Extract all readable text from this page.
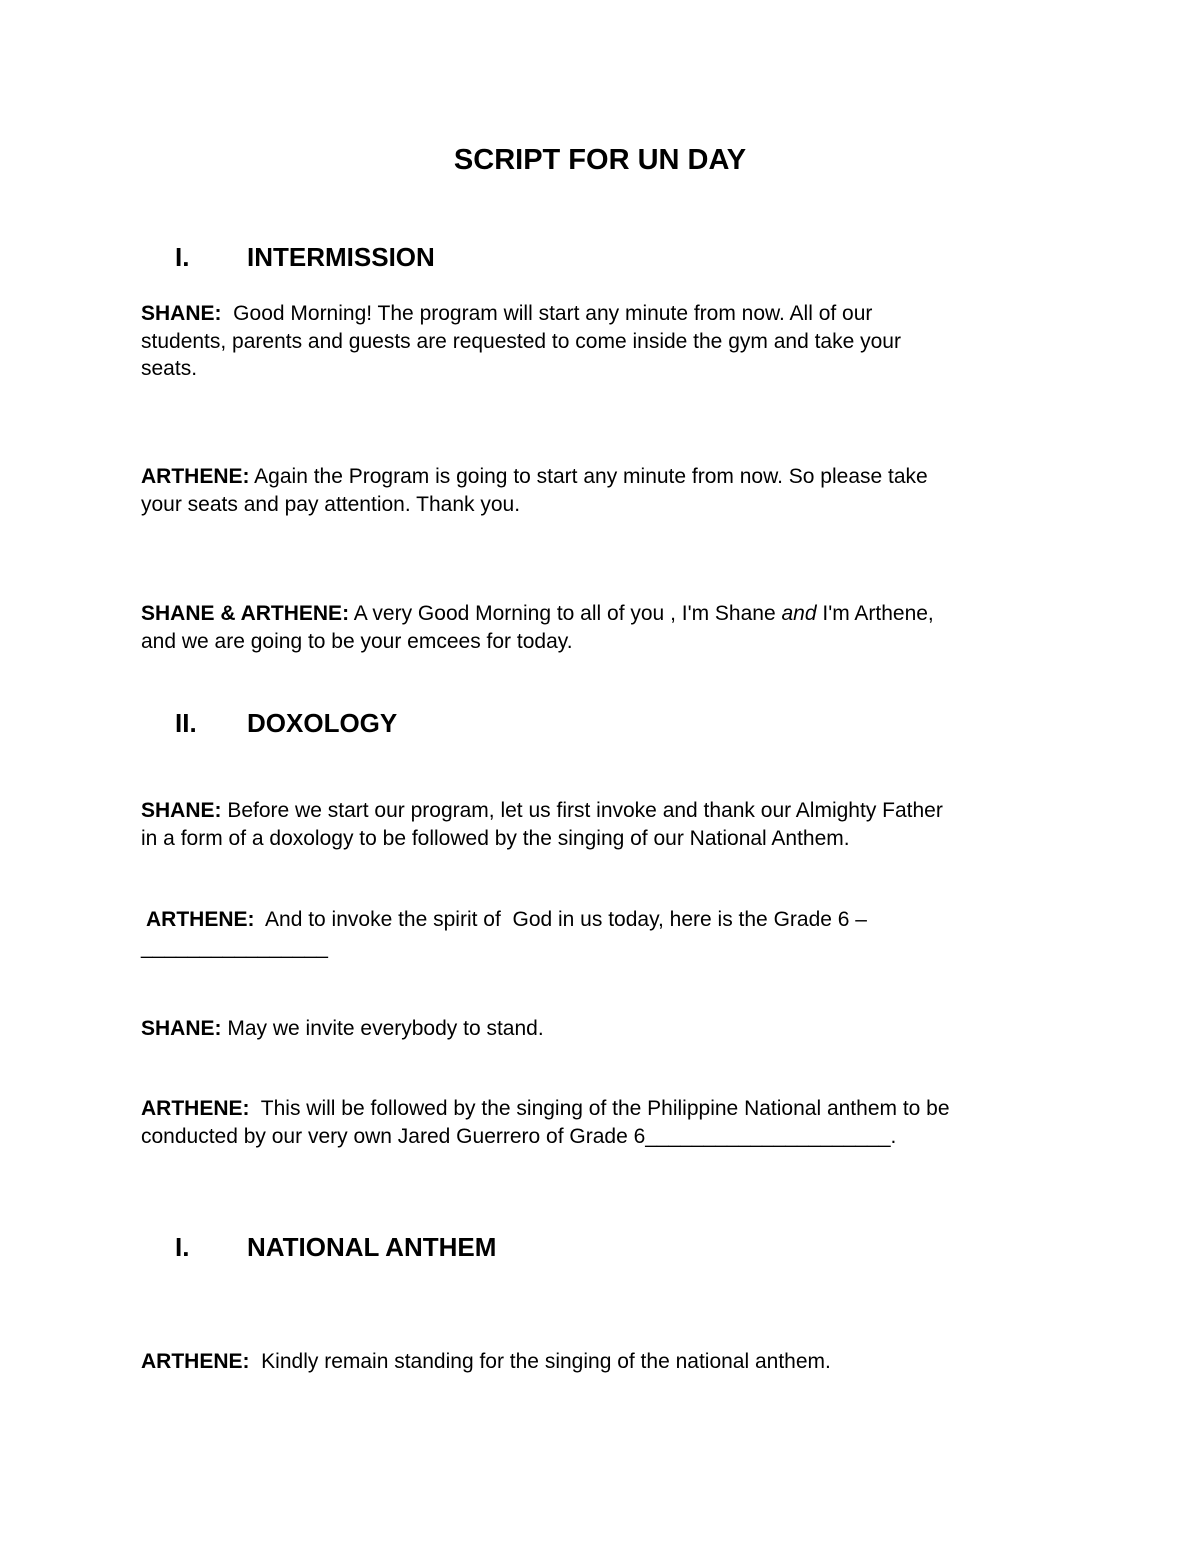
SCRIPT FOR UN DAY
I. INTERMISSION
SHANE:  Good Morning! The program will start any minute from now. All of our
students, parents and guests are requested to come inside the gym and take your
seats.
ARTHENE: Again the Program is going to start any minute from now. So please take
your seats and pay attention. Thank you.
SHANE & ARTHENE: A very Good Morning to all of you , I'm Shane and I'm Arthene,
and we are going to be your emcees for today.
II. DOXOLOGY
SHANE: Before we start our program, let us first invoke and thank our Almighty Father
in a form of a doxology to be followed by the singing of our National Anthem.
ARTHENE:  And to invoke the spirit of  God in us today, here is the Grade 6 –
________________
SHANE: May we invite everybody to stand.
ARTHENE:  This will be followed by the singing of the Philippine National anthem to be
conducted by our very own Jared Guerrero of Grade 6_____________________.
I. NATIONAL ANTHEM
ARTHENE:  Kindly remain standing for the singing of the national anthem.
